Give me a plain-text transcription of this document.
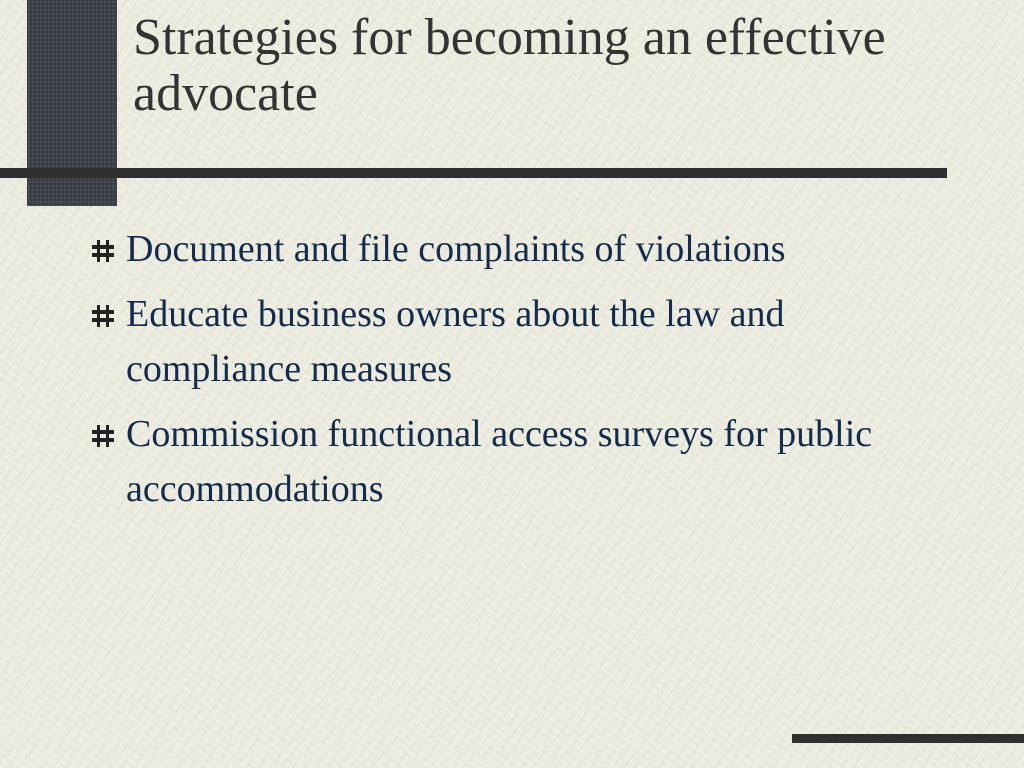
Strategies for becoming an effective advocate
Document and file complaints of violations
Educate business owners about the law and compliance measures
Commission functional access surveys for public accommodations
